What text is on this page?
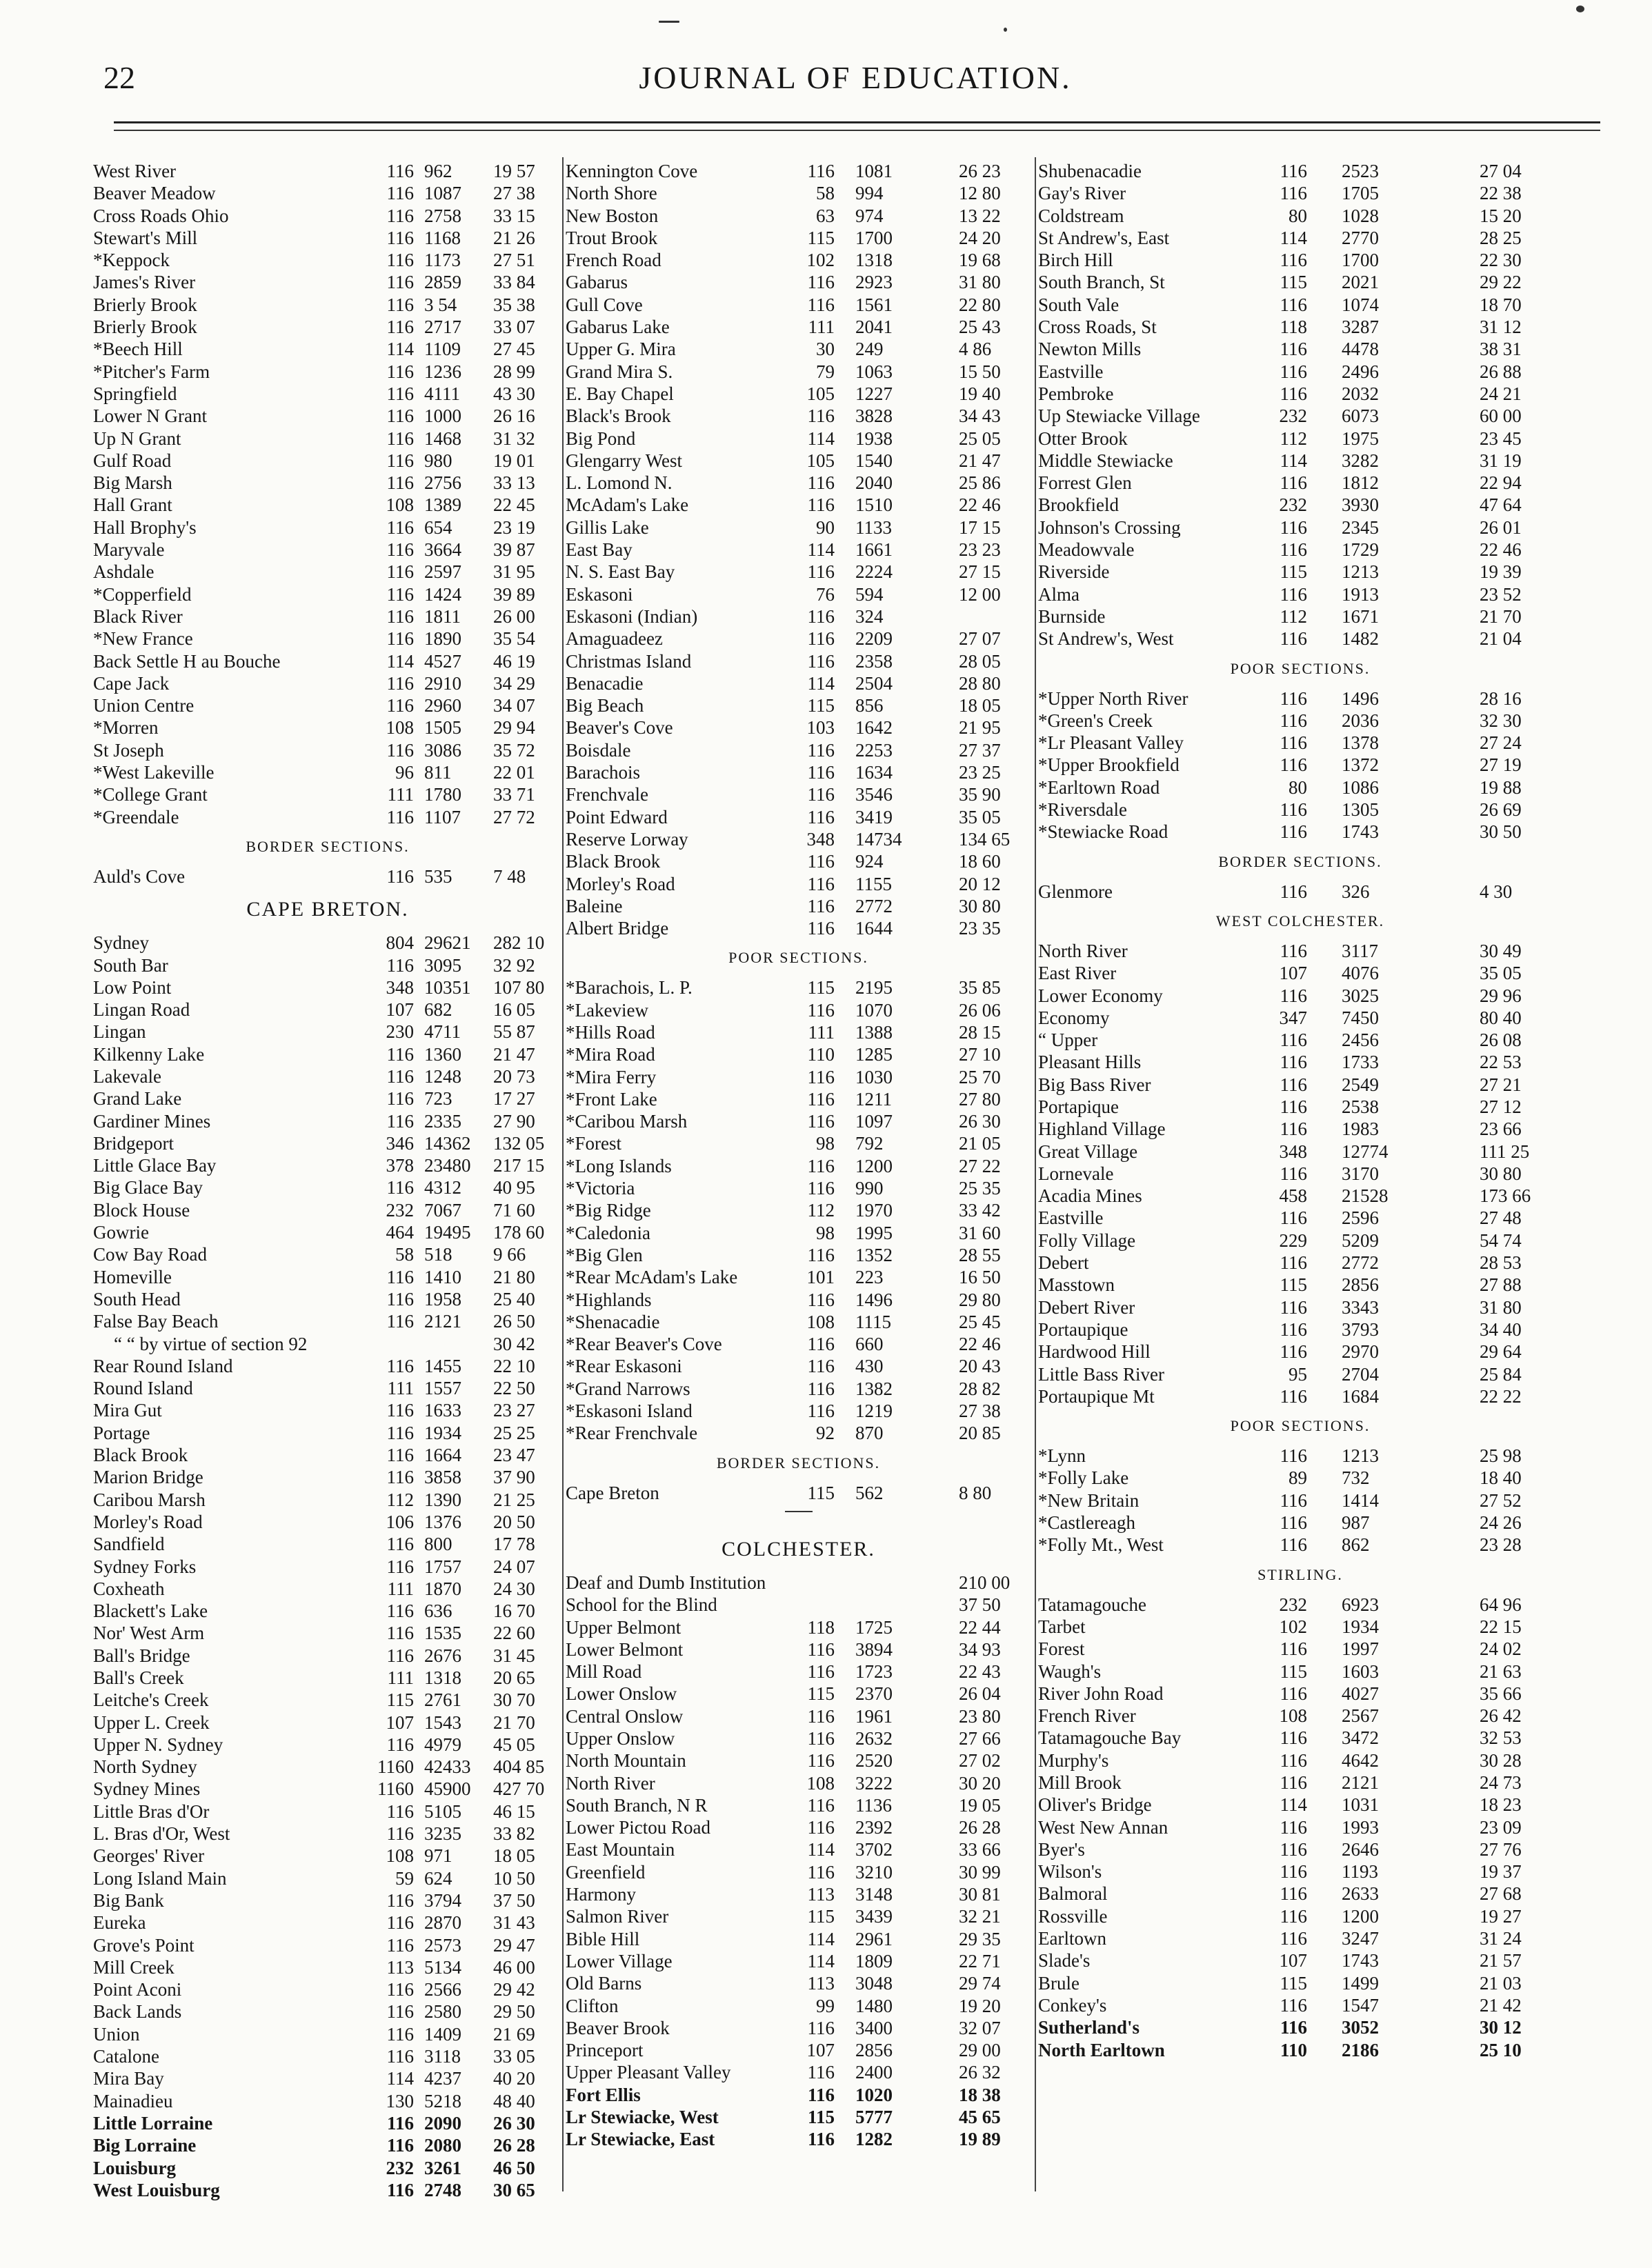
22	JOURNAL OF EDUCATION.
West River	116 962	19 57
Beaver Meadow	116 1087	27 38
Cross Roads Ohio	116 2758	33 15
Stewart's Mill	116 1168	21 26
*Keppock	116 1173	27 51
James's River	116 2859	33 84
Brierly Brook	116 3 54	35 38
Brierly Brook	116 2717	33 07
*Beech Hill	114 1109	27 45
*Pitcher's Farm	116 1236	28 99
Springfield	116 4111	43 30
Lower N Grant	116 1000	26 16
Up N Grant	116 1468	31 32
Gulf Road	116 980	19 01
Big Marsh	116 2756	33 13
Hall Grant	108 1389	22 45
Hall Brophy's	116 654	23 19
Maryvale	116 3664	39 87
Ashdale	116 2597	31 95
*Copperfield	116 1424	39 89
Black River	116 1811	26 00
*New France	116 1890	35 54
Back Settle H au Bouche	114 4527	46 19
Cape Jack	116 2910	34 29
Union Centre	116 2960	34 07
*Morren	108 1505	29 94
St Joseph	116 3086	35 72
*West Lakeville	96 811	22 01
*College Grant	111 1780	33 71
*Greendale	116 1107	27 72
BORDER SECTIONS.
Auld's Cove	116 535	7 48
CAPE BRETON.
Sydney	804 29621	282 10
South Bar	116 3095	32 92
Low Point	348 10351	107 80
Lingan Road	107 682	16 05
Lingan	230 4711	55 87
Kilkenny Lake	116 1360	21 47
Lakevale	116 1248	20 73
Grand Lake	116 723	17 27
Gardiner Mines	116 2335	27 90
Bridgeport	346 14362	132 05
Little Glace Bay	378 23480	217 15
Big Glace Bay	116 4312	40 95
Block House	232 7067	71 60
Gowrie	464 19495	178 60
Cow Bay Road	58 518	9 66
Homeville	116 1410	21 80
South Head	116 1958	25 40
False Bay Beach	116 2121	26 50
“ “ by virtue of section 92	30 42
Rear Round Island	116 1455	22 10
Round Island	111 1557	22 50
Mira Gut	116 1633	23 27
Portage	116 1934	25 25
Black Brook	116 1664	23 47
Marion Bridge	116 3858	37 90
Caribou Marsh	112 1390	21 25
Morley's Road	106 1376	20 50
Sandfield	116 800	17 78
Sydney Forks	116 1757	24 07
Coxheath	111 1870	24 30
Blackett's Lake	116 636	16 70
Nor' West Arm	116 1535	22 60
Ball's Bridge	116 2676	31 45
Ball's Creek	111 1318	20 65
Leitche's Creek	115 2761	30 70
Upper L. Creek	107 1543	21 70
Upper N. Sydney	116 4979	45 05
North Sydney	1160 42433	404 85
Sydney Mines	1160 45900	427 70
Little Bras d'Or	116 5105	46 15
L. Bras d'Or, West	116 3235	33 82
Georges' River	108 971	18 05
Long Island Main	59 624	10 50
Big Bank	116 3794	37 50
Eureka	116 2870	31 43
Grove's Point	116 2573	29 47
Mill Creek	113 5134	46 00
Point Aconi	116 2566	29 42
Back Lands	116 2580	29 50
Union	116 1409	21 69
Catalone	116 3118	33 05
Mira Bay	114 4237	40 20
Mainadieu	130 5218	48 40
Little Lorraine	116 2090	26 30
Big Lorraine	116 2080	26 28
Louisburg	232 3261	46 50
West Louisburg	116 2748	30 65
Kennington Cove	116 1081	26 23
North Shore	58 994	12 80
New Boston	63 974	13 22
Trout Brook	115 1700	24 20
French Road	102 1318	19 68
Gabarus	116 2923	31 80
Gull Cove	116 1561	22 80
Gabarus Lake	111 2041	25 43
Upper G. Mira	30 249	4 86
Grand Mira S.	79 1063	15 50
E. Bay Chapel	105 1227	19 40
Black's Brook	116 3828	34 43
Big Pond	114 1938	25 05
Glengarry West	105 1540	21 47
L. Lomond N.	116 2040	25 86
McAdam's Lake	116 1510	22 46
Gillis Lake	90 1133	17 15
East Bay	114 1661	23 23
N. S. East Bay	116 2224	27 15
Eskasoni	76 594	12 00
Eskasoni (Indian)	116 324
Amaguadeez	116 2209	27 07
Christmas Island	116 2358	28 05
Benacadie	114 2504	28 80
Big Beach	115 856	18 05
Beaver's Cove	103 1642	21 95
Boisdale	116 2253	27 37
Barachois	116 1634	23 25
Frenchvale	116 3546	35 90
Point Edward	116 3419	35 05
Reserve Lorway	348 14734	134 65
Black Brook	116 924	18 60
Morley's Road	116 1155	20 12
Baleine	116 2772	30 80
Albert Bridge	116 1644	23 35
POOR SECTIONS.
*Barachois, L. P.	115 2195	35 85
*Lakeview	116 1070	26 06
*Hills Road	111 1388	28 15
*Mira Road	110 1285	27 10
*Mira Ferry	116 1030	25 70
*Front Lake	116 1211	27 80
*Caribou Marsh	116 1097	26 30
*Forest	98 792	21 05
*Long Islands	116 1200	27 22
*Victoria	116 990	25 35
*Big Ridge	112 1970	33 42
*Caledonia	98 1995	31 60
*Big Glen	116 1352	28 55
*Rear McAdam's Lake	101 223	16 50
*Highlands	116 1496	29 80
*Shenacadie	108 1115	25 45
*Rear Beaver's Cove	116 660	22 46
*Rear Eskasoni	116 430	20 43
*Grand Narrows	116 1382	28 82
*Eskasoni Island	116 1219	27 38
*Rear Frenchvale	92 870	20 85
BORDER SECTIONS.
Cape Breton	115 562	8 80
COLCHESTER.
Deaf and Dumb Institution	210 00
School for the Blind	37 50
Upper Belmont	118 1725	22 44
Lower Belmont	116 3894	34 93
Mill Road	116 1723	22 43
Lower Onslow	115 2370	26 04
Central Onslow	116 1961	23 80
Upper Onslow	116 2632	27 66
North Mountain	116 2520	27 02
North River	108 3222	30 20
South Branch, N R	116 1136	19 05
Lower Pictou Road	116 2392	26 28
East Mountain	114 3702	33 66
Greenfield	116 3210	30 99
Harmony	113 3148	30 81
Salmon River	115 3439	32 21
Bible Hill	114 2961	29 35
Lower Village	114 1809	22 71
Old Barns	113 3048	29 74
Clifton	99 1480	19 20
Beaver Brook	116 3400	32 07
Princeport	107 2856	29 00
Upper Pleasant Valley	116 2400	26 32
Fort Ellis	116 1020	18 38
Lr Stewiacke, West	115 5777	45 65
Lr Stewiacke, East	116 1282	19 89
Shubenacadie	116 2523	27 04
Gay's River	116 1705	22 38
Coldstream	80 1028	15 20
St Andrew's, East	114 2770	28 25
Birch Hill	116 1700	22 30
South Branch, St	115 2021	29 22
South Vale	116 1074	18 70
Cross Roads, St	118 3287	31 12
Newton Mills	116 4478	38 31
Eastville	116 2496	26 88
Pembroke	116 2032	24 21
Up Stewiacke Village	232 6073	60 00
Otter Brook	112 1975	23 45
Middle Stewiacke	114 3282	31 19
Forrest Glen	116 1812	22 94
Brookfield	232 3930	47 64
Johnson's Crossing	116 2345	26 01
Meadowvale	116 1729	22 46
Riverside	115 1213	19 39
Alma	116 1913	23 52
Burnside	112 1671	21 70
St Andrew's, West	116 1482	21 04
POOR SECTIONS.
*Upper North River	116 1496	28 16
*Green's Creek	116 2036	32 30
*Lr Pleasant Valley	116 1378	27 24
*Upper Brookfield	116 1372	27 19
*Earltown Road	80 1086	19 88
*Riversdale	116 1305	26 69
*Stewiacke Road	116 1743	30 50
BORDER SECTIONS.
Glenmore	116 326	4 30
WEST COLCHESTER.
North River	116 3117	30 49
East River	107 4076	35 05
Lower Economy	116 3025	29 96
Economy	347 7450	80 40
“ Upper	116 2456	26 08
Pleasant Hills	116 1733	22 53
Big Bass River	116 2549	27 21
Portapique	116 2538	27 12
Highland Village	116 1983	23 66
Great Village	348 12774	111 25
Lornevale	116 3170	30 80
Acadia Mines	458 21528	173 66
Eastville	116 2596	27 48
Folly Village	229 5209	54 74
Debert	116 2772	28 53
Masstown	115 2856	27 88
Debert River	116 3343	31 80
Portaupique	116 3793	34 40
Hardwood Hill	116 2970	29 64
Little Bass River	95 2704	25 84
Portaupique Mt	116 1684	22 22
POOR SECTIONS.
*Lynn	116 1213	25 98
*Folly Lake	89 732	18 40
*New Britain	116 1414	27 52
*Castlereagh	116 987	24 26
*Folly Mt., West	116 862	23 28
STIRLING.
Tatamagouche	232 6923	64 96
Tarbet	102 1934	22 15
Forest	116 1997	24 02
Waugh's	115 1603	21 63
River John Road	116 4027	35 66
French River	108 2567	26 42
Tatamagouche Bay	116 3472	32 53
Murphy's	116 4642	30 28
Mill Brook	116 2121	24 73
Oliver's Bridge	114 1031	18 23
West New Annan	116 1993	23 09
Byer's	116 2646	27 76
Wilson's	116 1193	19 37
Balmoral	116 2633	27 68
Rossville	116 1200	19 27
Earltown	116 3247	31 24
Slade's	107 1743	21 57
Brule	115 1499	21 03
Conkey's	116 1547	21 42
Sutherland's	116 3052	30 12
North Earltown	110 2186	25 10
